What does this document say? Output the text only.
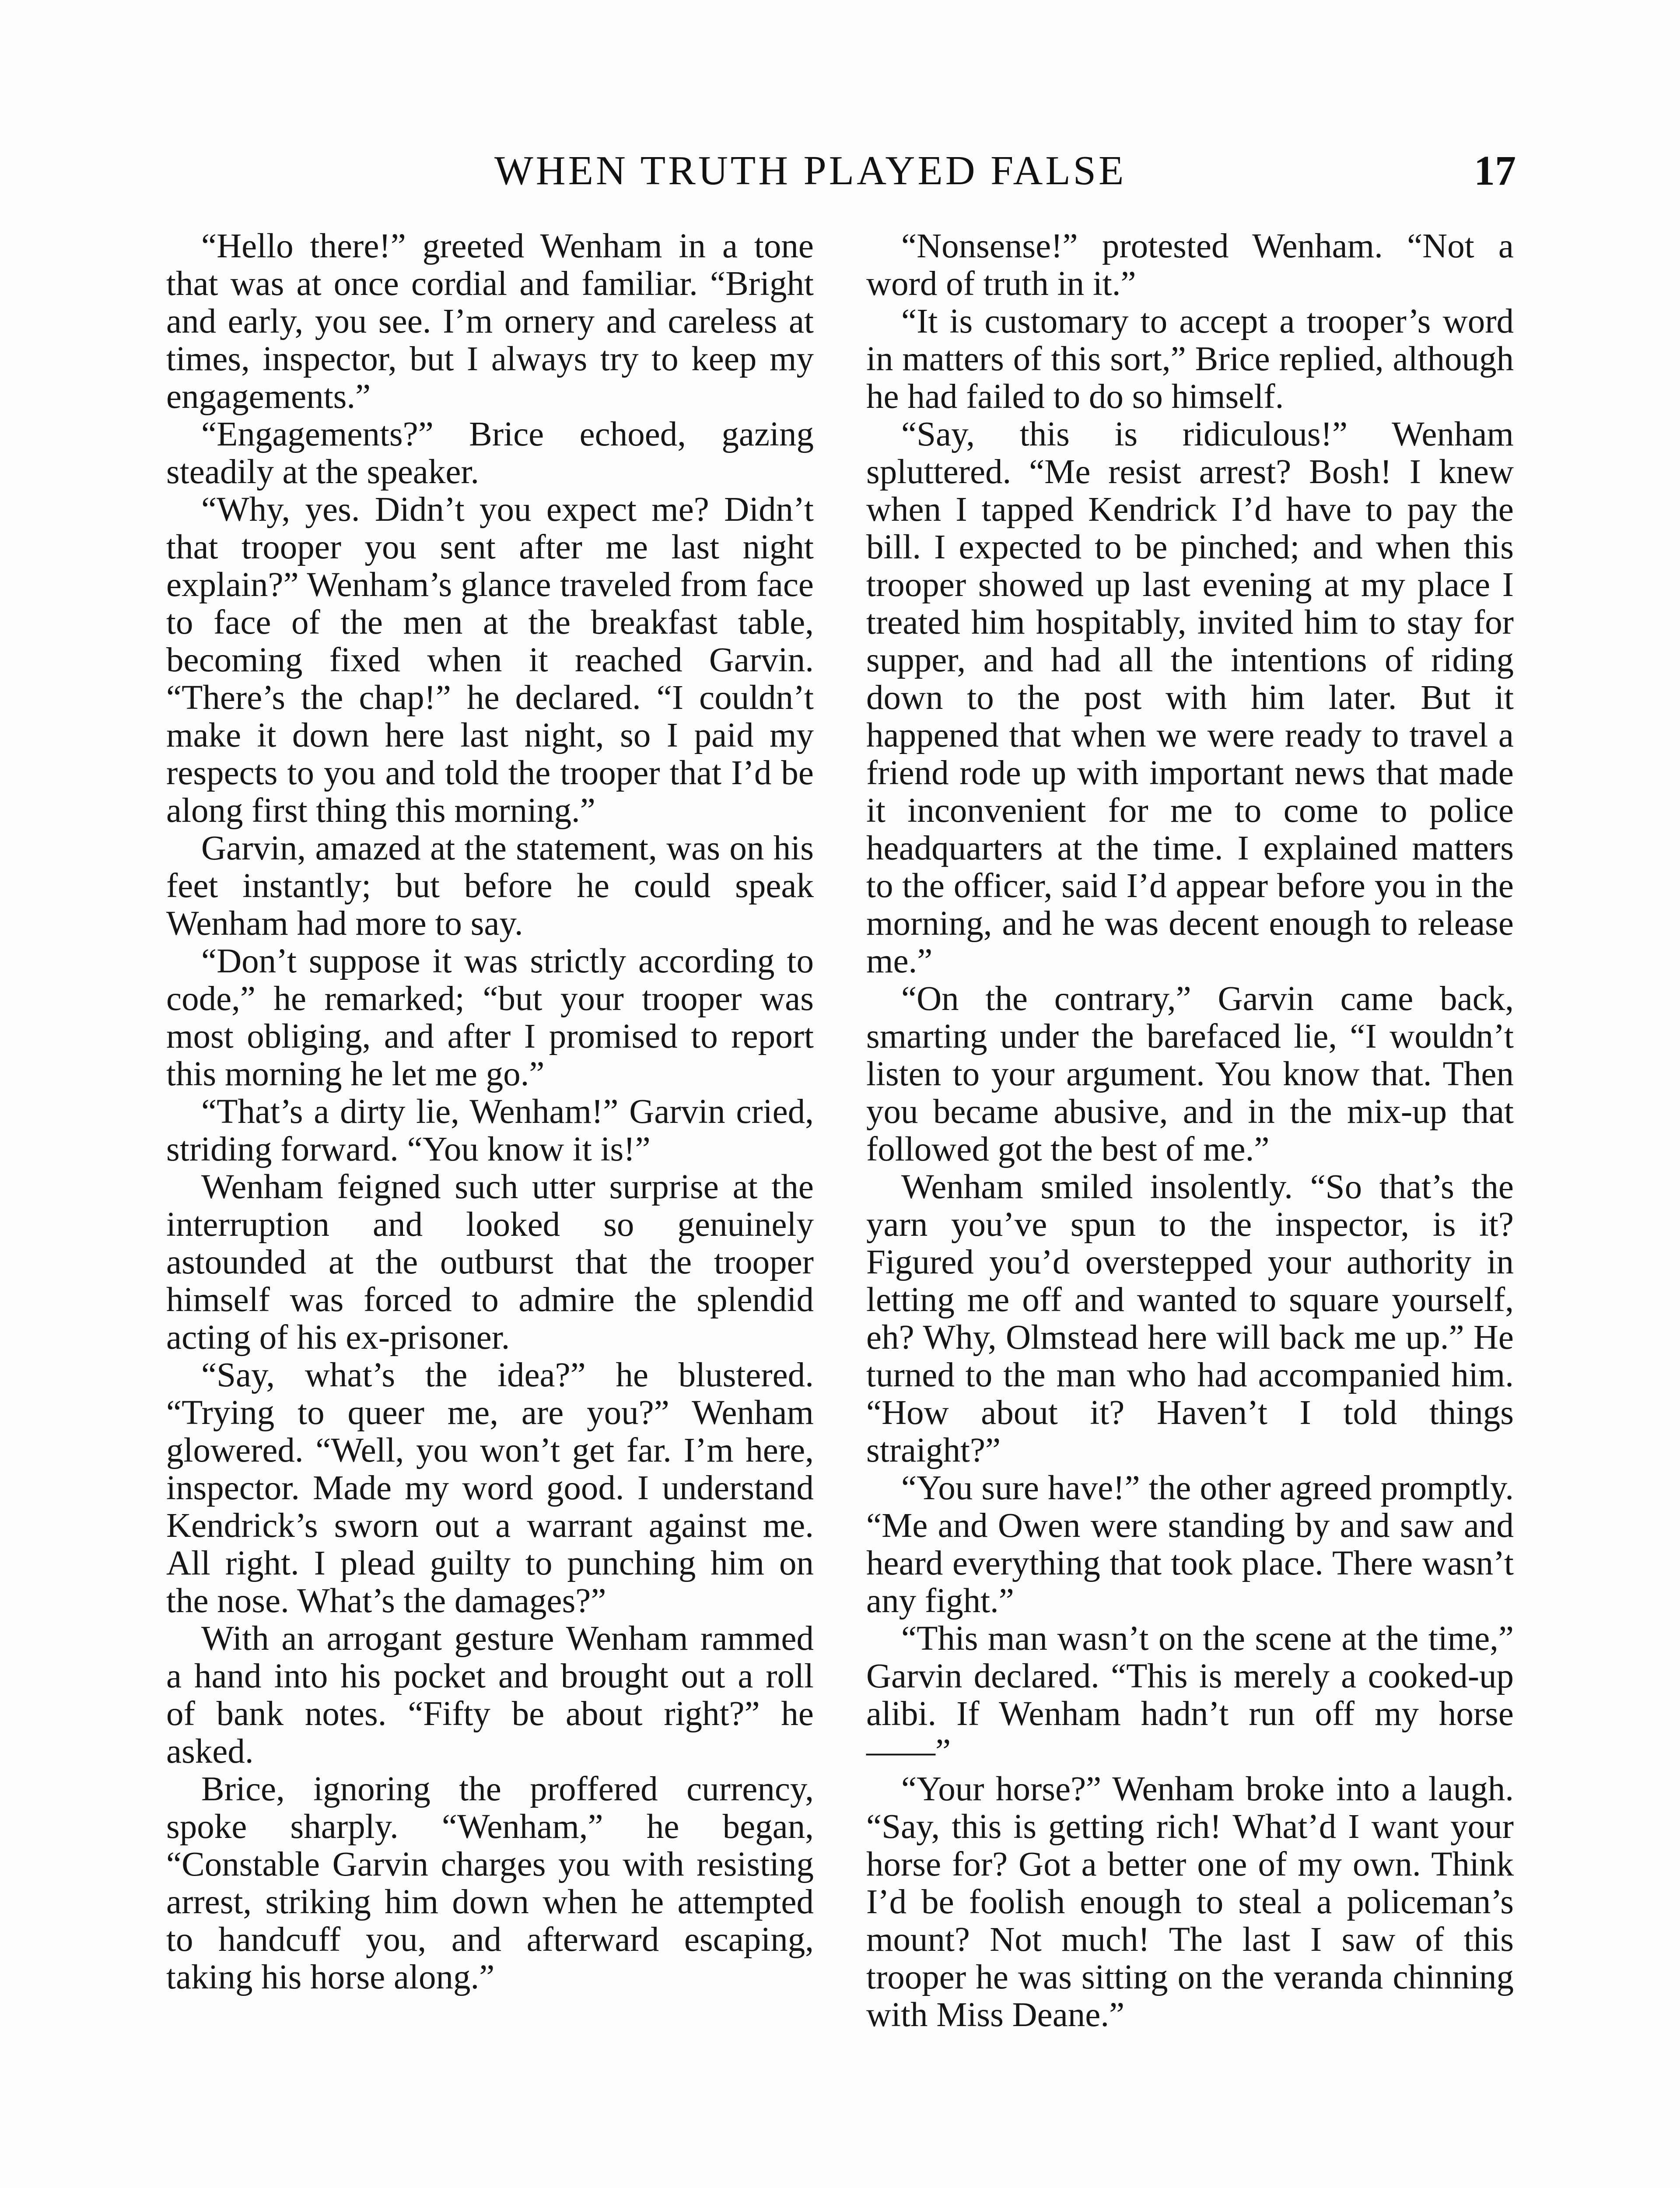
WHEN TRUTH PLAYED FALSE	17

“Hello there!” greeted Wenham in a tone that was at once cordial and familiar. “Bright and early, you see. I’m ornery and careless at times, inspector, but I always try to keep my engagements.”

“Engagements?” Brice echoed, gazing steadily at the speaker.

“Why, yes. Didn’t you expect me? Didn’t that trooper you sent after me last night explain?” Wenham’s glance traveled from face to face of the men at the breakfast table, becoming fixed when it reached Garvin. “There’s the chap!” he declared. “I couldn’t make it down here last night, so I paid my respects to you and told the trooper that I’d be along first thing this morning.”

Garvin, amazed at the statement, was on his feet instantly; but before he could speak Wenham had more to say.

“Don’t suppose it was strictly according to code,” he remarked; “but your trooper was most obliging, and after I promised to report this morning he let me go.”

“That’s a dirty lie, Wenham!” Garvin cried, striding forward. “You know it is!”

Wenham feigned such utter surprise at the interruption and looked so genuinely astounded at the outburst that the trooper himself was forced to admire the splendid acting of his ex-prisoner.

“Say, what’s the idea?” he blustered. “Trying to queer me, are you?” Wenham glowered. “Well, you won’t get far. I’m here, inspector. Made my word good. I understand Kendrick’s sworn out a warrant against me. All right. I plead guilty to punching him on the nose. What’s the damages?”

With an arrogant gesture Wenham rammed a hand into his pocket and brought out a roll of bank notes. “Fifty be about right?” he asked.

Brice, ignoring the proffered currency, spoke sharply. “Wenham,” he began, “Constable Garvin charges you with resisting arrest, striking him down when he attempted to handcuff you, and afterward escaping, taking his horse along.”

“Nonsense!” protested Wenham. “Not a word of truth in it.”

“It is customary to accept a trooper’s word in matters of this sort,” Brice replied, although he had failed to do so himself.

“Say, this is ridiculous!” Wenham spluttered. “Me resist arrest? Bosh! I knew when I tapped Kendrick I’d have to pay the bill. I expected to be pinched; and when this trooper showed up last evening at my place I treated him hospitably, invited him to stay for supper, and had all the intentions of riding down to the post with him later. But it happened that when we were ready to travel a friend rode up with important news that made it inconvenient for me to come to police headquarters at the time. I explained matters to the officer, said I’d appear before you in the morning, and he was decent enough to release me.”

“On the contrary,” Garvin came back, smarting under the barefaced lie, “I wouldn’t listen to your argument. You know that. Then you became abusive, and in the mix-up that followed got the best of me.”

Wenham smiled insolently. “So that’s the yarn you’ve spun to the inspector, is it? Figured you’d overstepped your authority in letting me off and wanted to square yourself, eh? Why, Olmstead here will back me up.” He turned to the man who had accompanied him. “How about it? Haven’t I told things straight?”

“You sure have!” the other agreed promptly. “Me and Owen were standing by and saw and heard everything that took place. There wasn’t any fight.”

“This man wasn’t on the scene at the time,” Garvin declared. “This is merely a cooked-up alibi. If Wenham hadn’t run off my horse——”

“Your horse?” Wenham broke into a laugh. “Say, this is getting rich! What’d I want your horse for? Got a better one of my own. Think I’d be foolish enough to steal a policeman’s mount? Not much! The last I saw of this trooper he was sitting on the veranda chinning with Miss Deane.”
